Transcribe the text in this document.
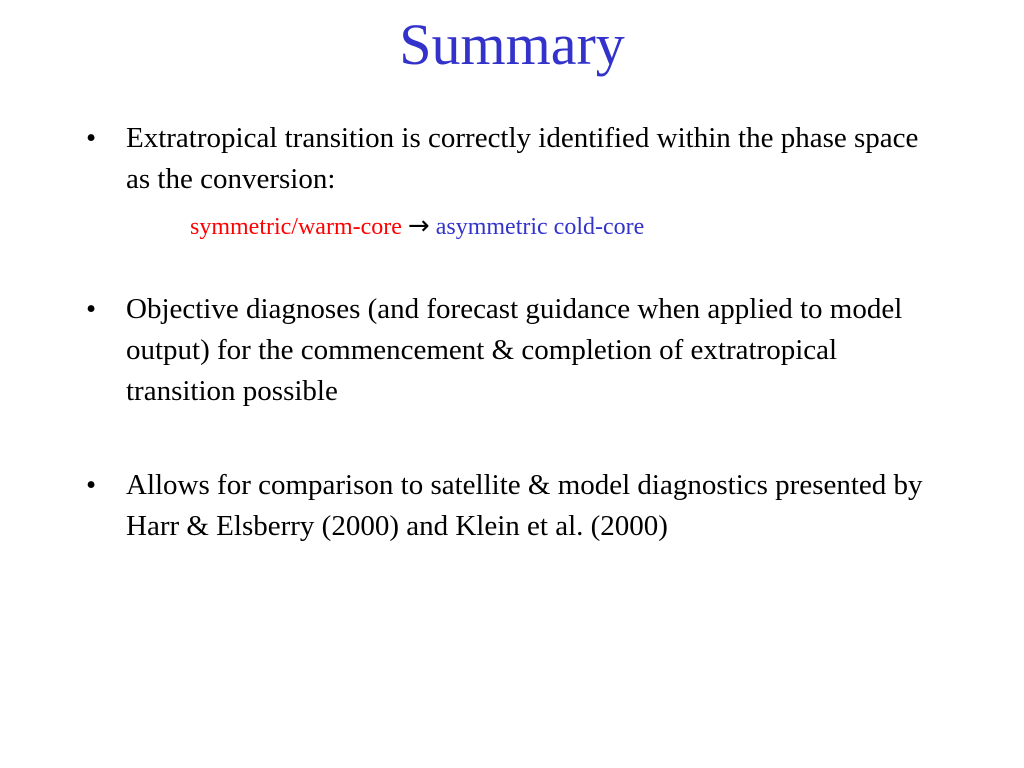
Summary
•	Extratropical transition is correctly identified within the phase space as the conversion:
symmetric/warm-core → asymmetric cold-core
•	Objective diagnoses (and forecast guidance when applied to model output) for the commencement & completion of extratropical transition possible
•	Allows for comparison to satellite & model diagnostics presented by Harr & Elsberry (2000) and Klein et al. (2000)
